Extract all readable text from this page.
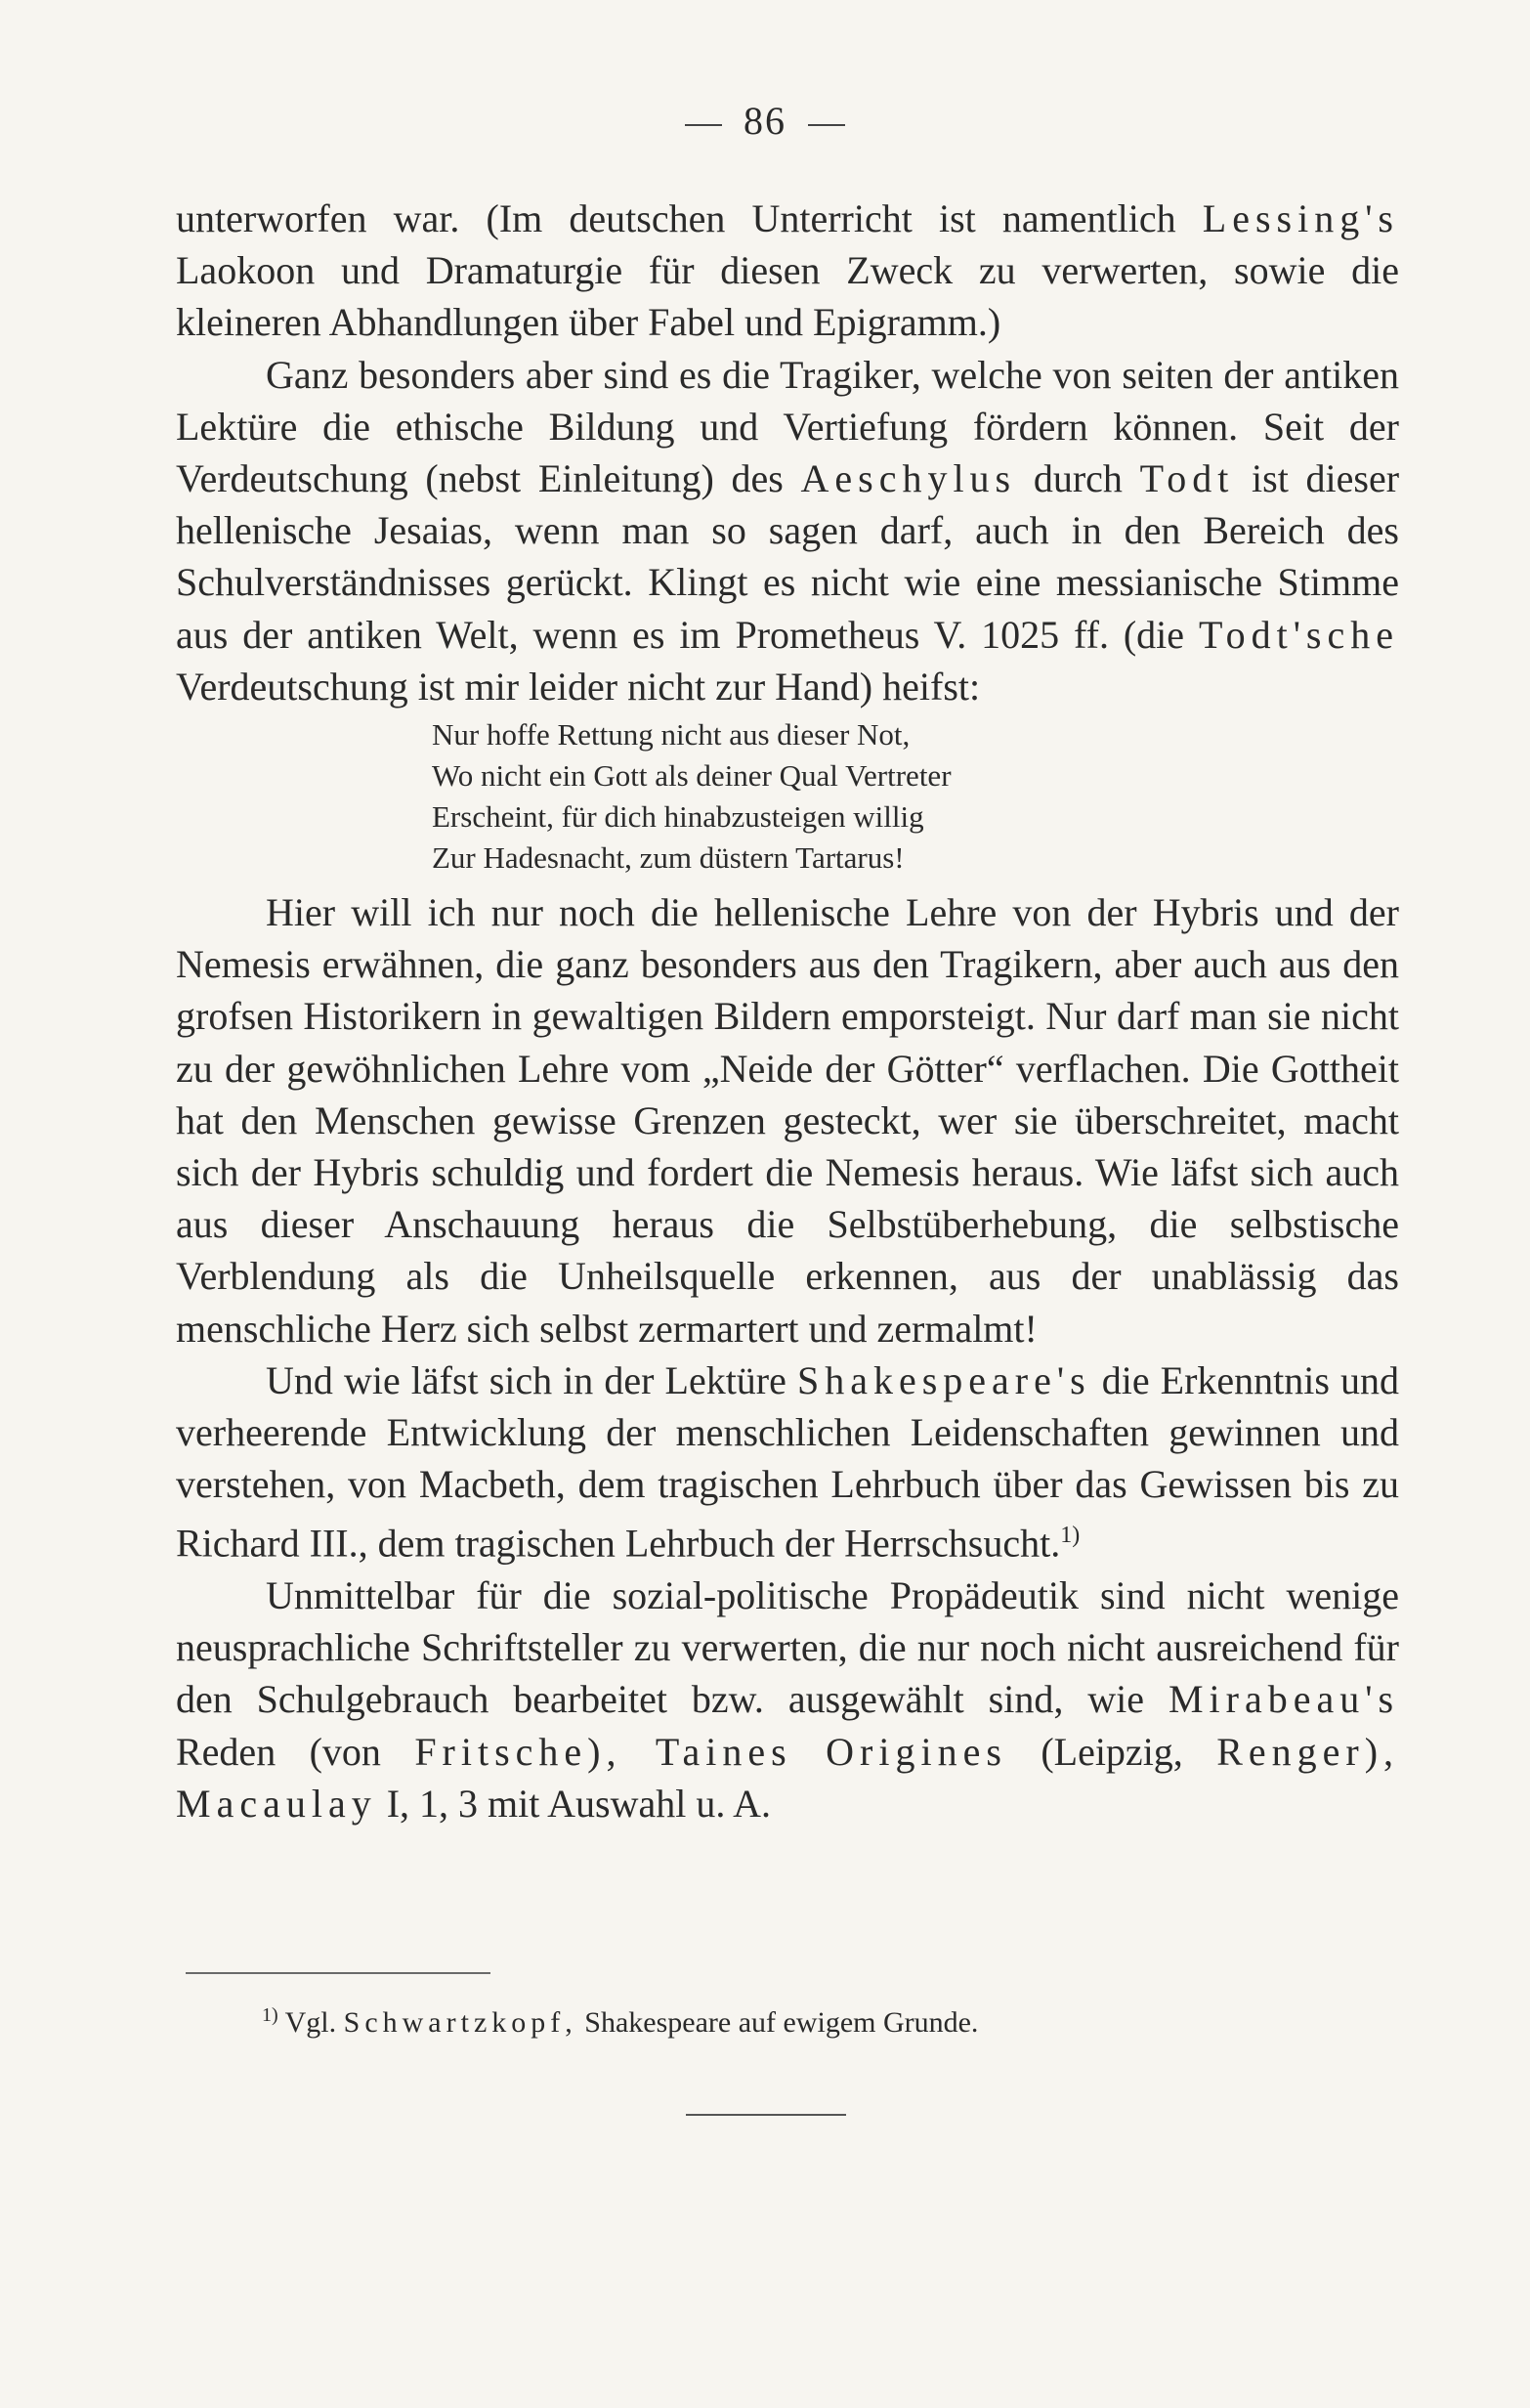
86

unterworfen war. (Im deutschen Unterricht ist namentlich Lessing's Laokoon und Dramaturgie für diesen Zweck zu verwerten, sowie die kleineren Abhandlungen über Fabel und Epigramm.)

Ganz besonders aber sind es die Tragiker, welche von seiten der antiken Lektüre die ethische Bildung und Vertiefung fördern können. Seit der Verdeutschung (nebst Einleitung) des Aeschylus durch Todt ist dieser hellenische Jesaias, wenn man so sagen darf, auch in den Bereich des Schulverständnisses gerückt. Klingt es nicht wie eine messianische Stimme aus der antiken Welt, wenn es im Prometheus V. 1025 ff. (die Todt'sche Verdeutschung ist mir leider nicht zur Hand) heifst:

Nur hoffe Rettung nicht aus dieser Not,
Wo nicht ein Gott als deiner Qual Vertreter
Erscheint, für dich hinabzusteigen willig
Zur Hadesnacht, zum düstern Tartarus!

Hier will ich nur noch die hellenische Lehre von der Hybris und der Nemesis erwähnen, die ganz besonders aus den Tragikern, aber auch aus den grofsen Historikern in gewaltigen Bildern emporsteigt. Nur darf man sie nicht zu der gewöhnlichen Lehre vom „Neide der Götter“ verflachen. Die Gottheit hat den Menschen gewisse Grenzen gesteckt, wer sie überschreitet, macht sich der Hybris schuldig und fordert die Nemesis heraus. Wie läfst sich auch aus dieser Anschauung heraus die Selbstüberhebung, die selbstische Verblendung als die Unheilsquelle erkennen, aus der unablässig das menschliche Herz sich selbst zermartert und zermalmt!

Und wie läfst sich in der Lektüre Shakespeare's die Erkenntnis und verheerende Entwicklung der menschlichen Leidenschaften gewinnen und verstehen, von Macbeth, dem tragischen Lehrbuch über das Gewissen bis zu Richard III., dem tragischen Lehrbuch der Herrschsucht.$^{1)}$

Unmittelbar für die sozial-politische Propädeutik sind nicht wenige neusprachliche Schriftsteller zu verwerten, die nur noch nicht ausreichend für den Schulgebrauch bearbeitet bzw. ausgewählt sind, wie Mirabeau's Reden (von Fritsche), Taines Origines (Leipzig, Renger), Macaulay I, 1, 3 mit Auswahl u. A.

$^{1)}$ Vgl. Schwartzkopf, Shakespeare auf ewigem Grunde.
